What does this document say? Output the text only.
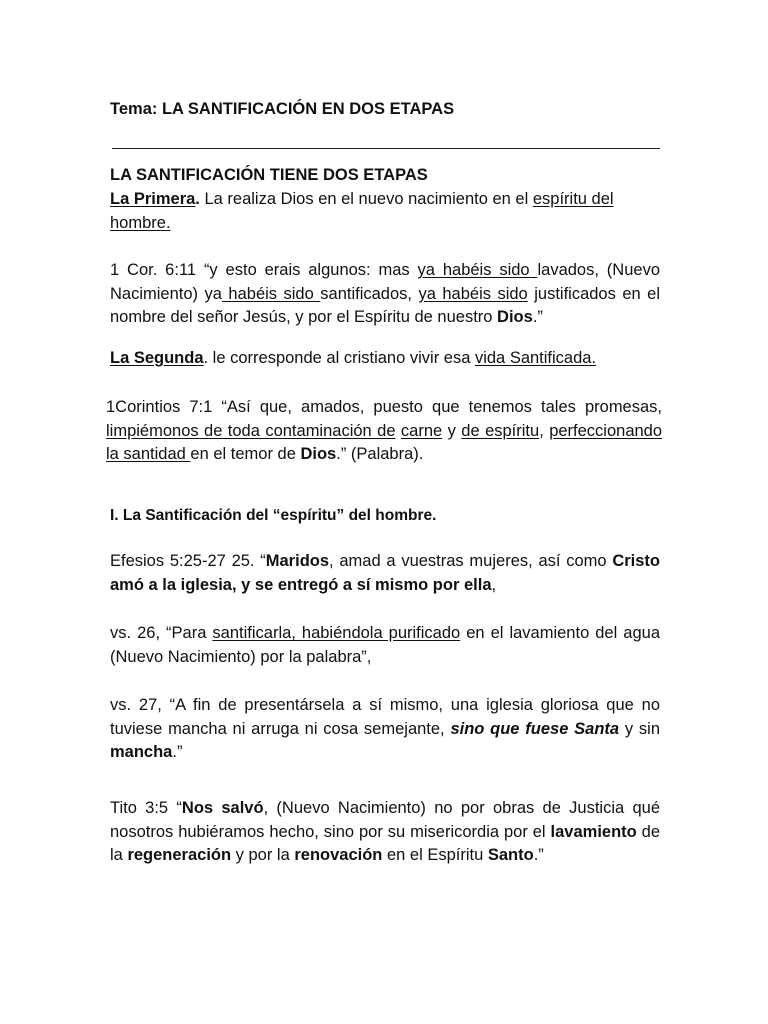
Tema: LA SANTIFICACIÓN EN DOS ETAPAS
LA SANTIFICACIÓN TIENE DOS ETAPAS
La Primera. La realiza Dios en el nuevo nacimiento en el espíritu del hombre.
1 Cor. 6:11 “y esto erais algunos: mas ya habéis sido lavados, (Nuevo Nacimiento) ya habéis sido santificados, ya habéis sido justificados en el nombre del señor Jesús, y por el Espíritu de nuestro Dios.”
La Segunda. le corresponde al cristiano vivir esa vida Santificada.
1Corintios 7:1 “Así que, amados, puesto que tenemos tales promesas, limpiémonos de toda contaminación de carne y de espíritu, perfeccionando la santidad en el temor de Dios.” (Palabra).
I. La Santificación del “espíritu” del hombre.
Efesios 5:25-27 25. “Maridos, amad a vuestras mujeres, así como Cristo amó a la iglesia, y se entregó a sí mismo por ella,
vs. 26, “Para santificarla, habiéndola purificado en el lavamiento del agua (Nuevo Nacimiento) por la palabra”,
vs. 27, “A fin de presentársela a sí mismo, una iglesia gloriosa que no tuviese mancha ni arruga ni cosa semejante, sino que fuese Santa y sin mancha.”
Tito 3:5 “Nos salvó, (Nuevo Nacimiento) no por obras de Justicia qué nosotros hubiéramos hecho, sino por su misericordia por el lavamiento de la regeneración y por la renovación en el Espíritu Santo.”
